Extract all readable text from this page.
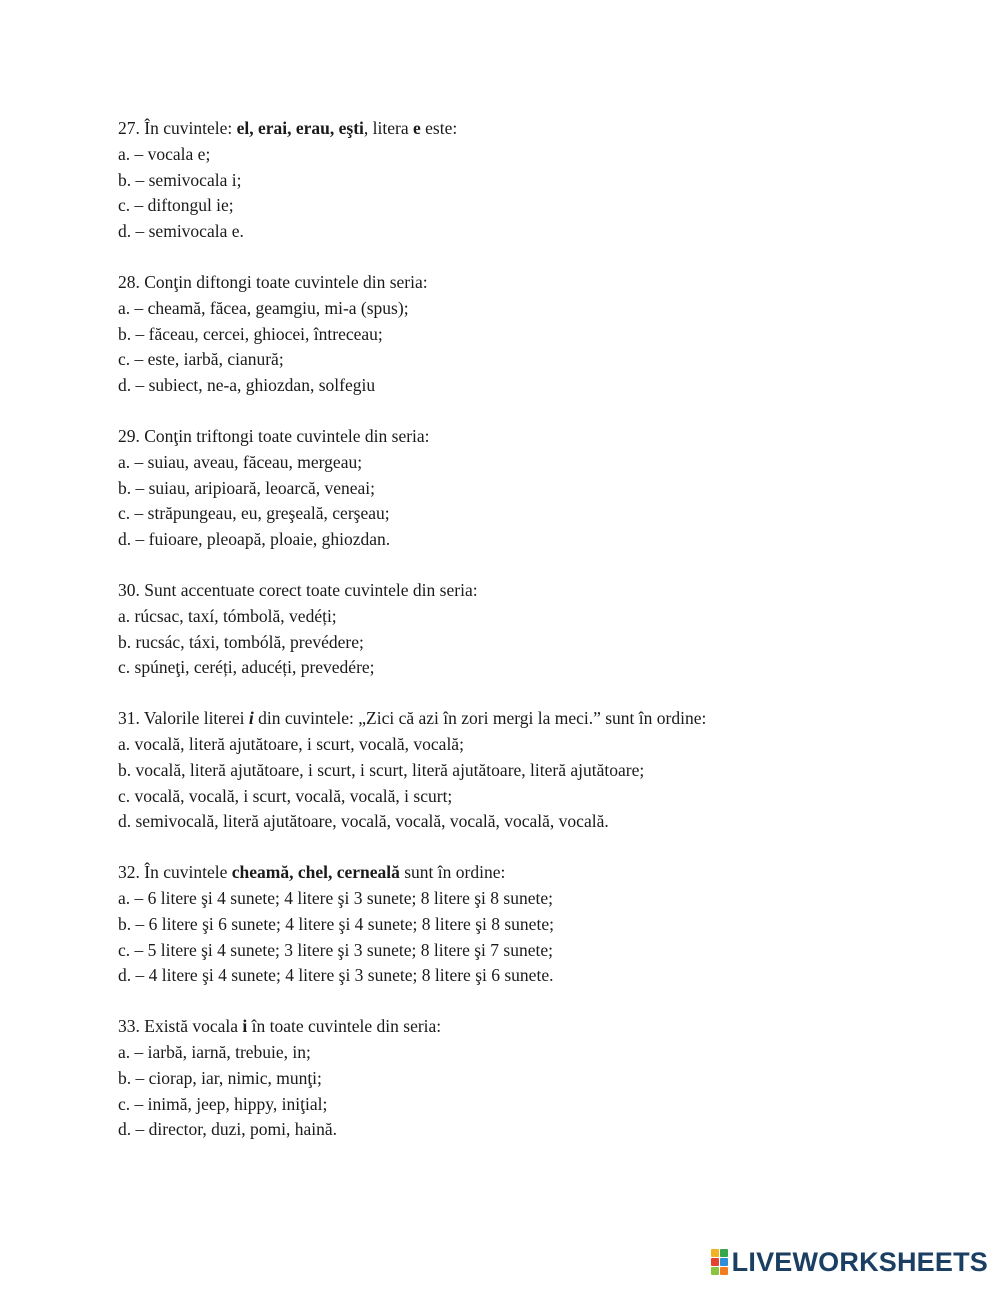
27. În cuvintele: el, erai, erau, eşti, litera e este:
a. – vocala e;
b. – semivocala i;
c. – diftongul ie;
d. – semivocala e.
28. Conţin diftongi toate cuvintele din seria:
a. – cheamă, făcea, geamgiu, mi-a (spus);
b. – făceau, cercei, ghiocei, întreceau;
c. – este, iarbă, cianură;
d. – subiect, ne-a, ghiozdan, solfegiu
29. Conţin triftongi toate cuvintele din seria:
a. – suiau, aveau, făceau, mergeau;
b. – suiau, aripioară, leoarcă, veneai;
c. – străpungeau, eu, greşeală, cerşeau;
d. – fuioare, pleoapă, ploaie, ghiozdan.
30. Sunt accentuate corect toate cuvintele din seria:
a. rúcsac, taxí, tómbolă, vedéți;
b. rucsác, táxi, tombólă, prevédere;
c. spúneţi, ceréți, aducéți, prevedére;
31. Valorile literei i din cuvintele: „Zici că azi în zori mergi la meci.” sunt în ordine:
a. vocală, literă ajutătoare, i scurt, vocală, vocală;
b. vocală, literă ajutătoare, i scurt, i scurt, literă ajutătoare, literă ajutătoare;
c. vocală, vocală, i scurt, vocală, vocală, i scurt;
d. semivocală, literă ajutătoare, vocală, vocală, vocală, vocală, vocală.
32. În cuvintele cheamă, chel, cerneală sunt în ordine:
a. – 6 litere şi 4 sunete; 4 litere şi 3 sunete; 8 litere şi 8 sunete;
b. – 6 litere şi 6 sunete; 4 litere şi 4 sunete; 8 litere şi 8 sunete;
c. – 5 litere şi 4 sunete; 3 litere şi 3 sunete; 8 litere şi 7 sunete;
d. – 4 litere şi 4 sunete; 4 litere şi 3 sunete; 8 litere şi 6 sunete.
33. Există vocala i în toate cuvintele din seria:
a. – iarbă, iarnă, trebuie, in;
b. – ciorap, iar, nimic, munţi;
c. – inimă, jeep, hippy, iniţial;
d. – director, duzi, pomi, haină.
LIVEWORKSHEETS
